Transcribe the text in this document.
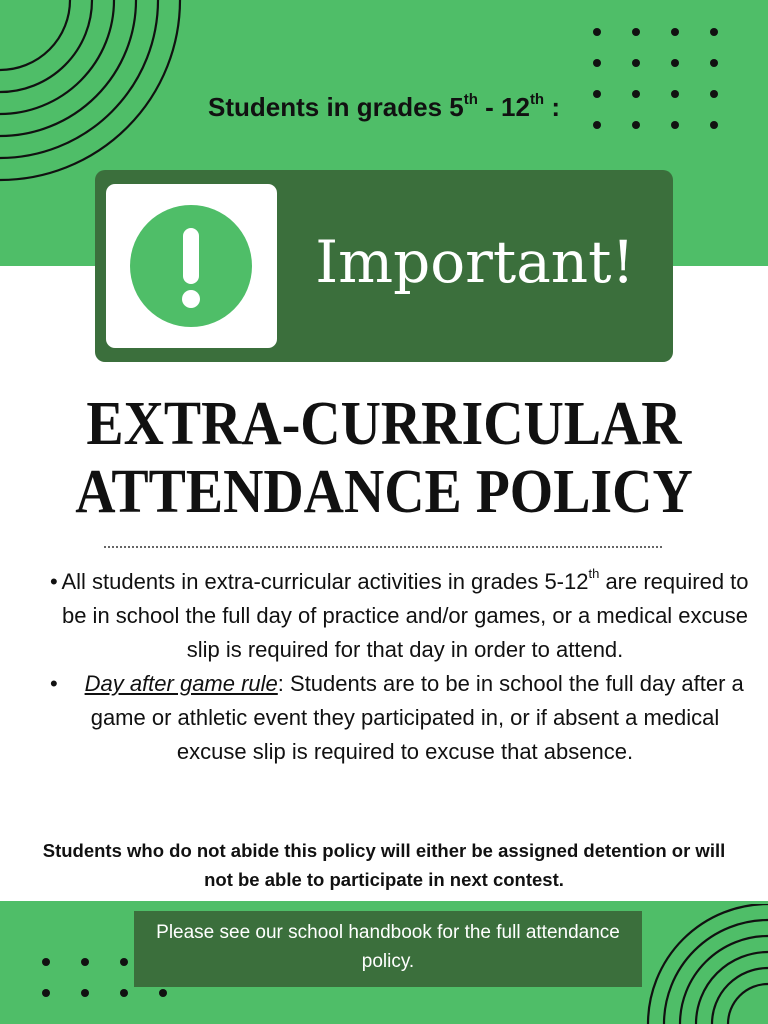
Students in grades 5th - 12th :
Important!
EXTRA-CURRICULAR
ATTENDANCE POLICY
• All students in extra-curricular activities in grades 5-12th are required to be in school the full day of practice and/or games, or a medical excuse slip is required for that day in order to attend.
• Day after game rule: Students are to be in school the full day after a game or athletic event they participated in, or if absent a medical excuse slip is required to excuse that absence.
Students who do not abide this policy will either be assigned detention or will not be able to participate in next contest.
Please see our school handbook for the full attendance policy.
